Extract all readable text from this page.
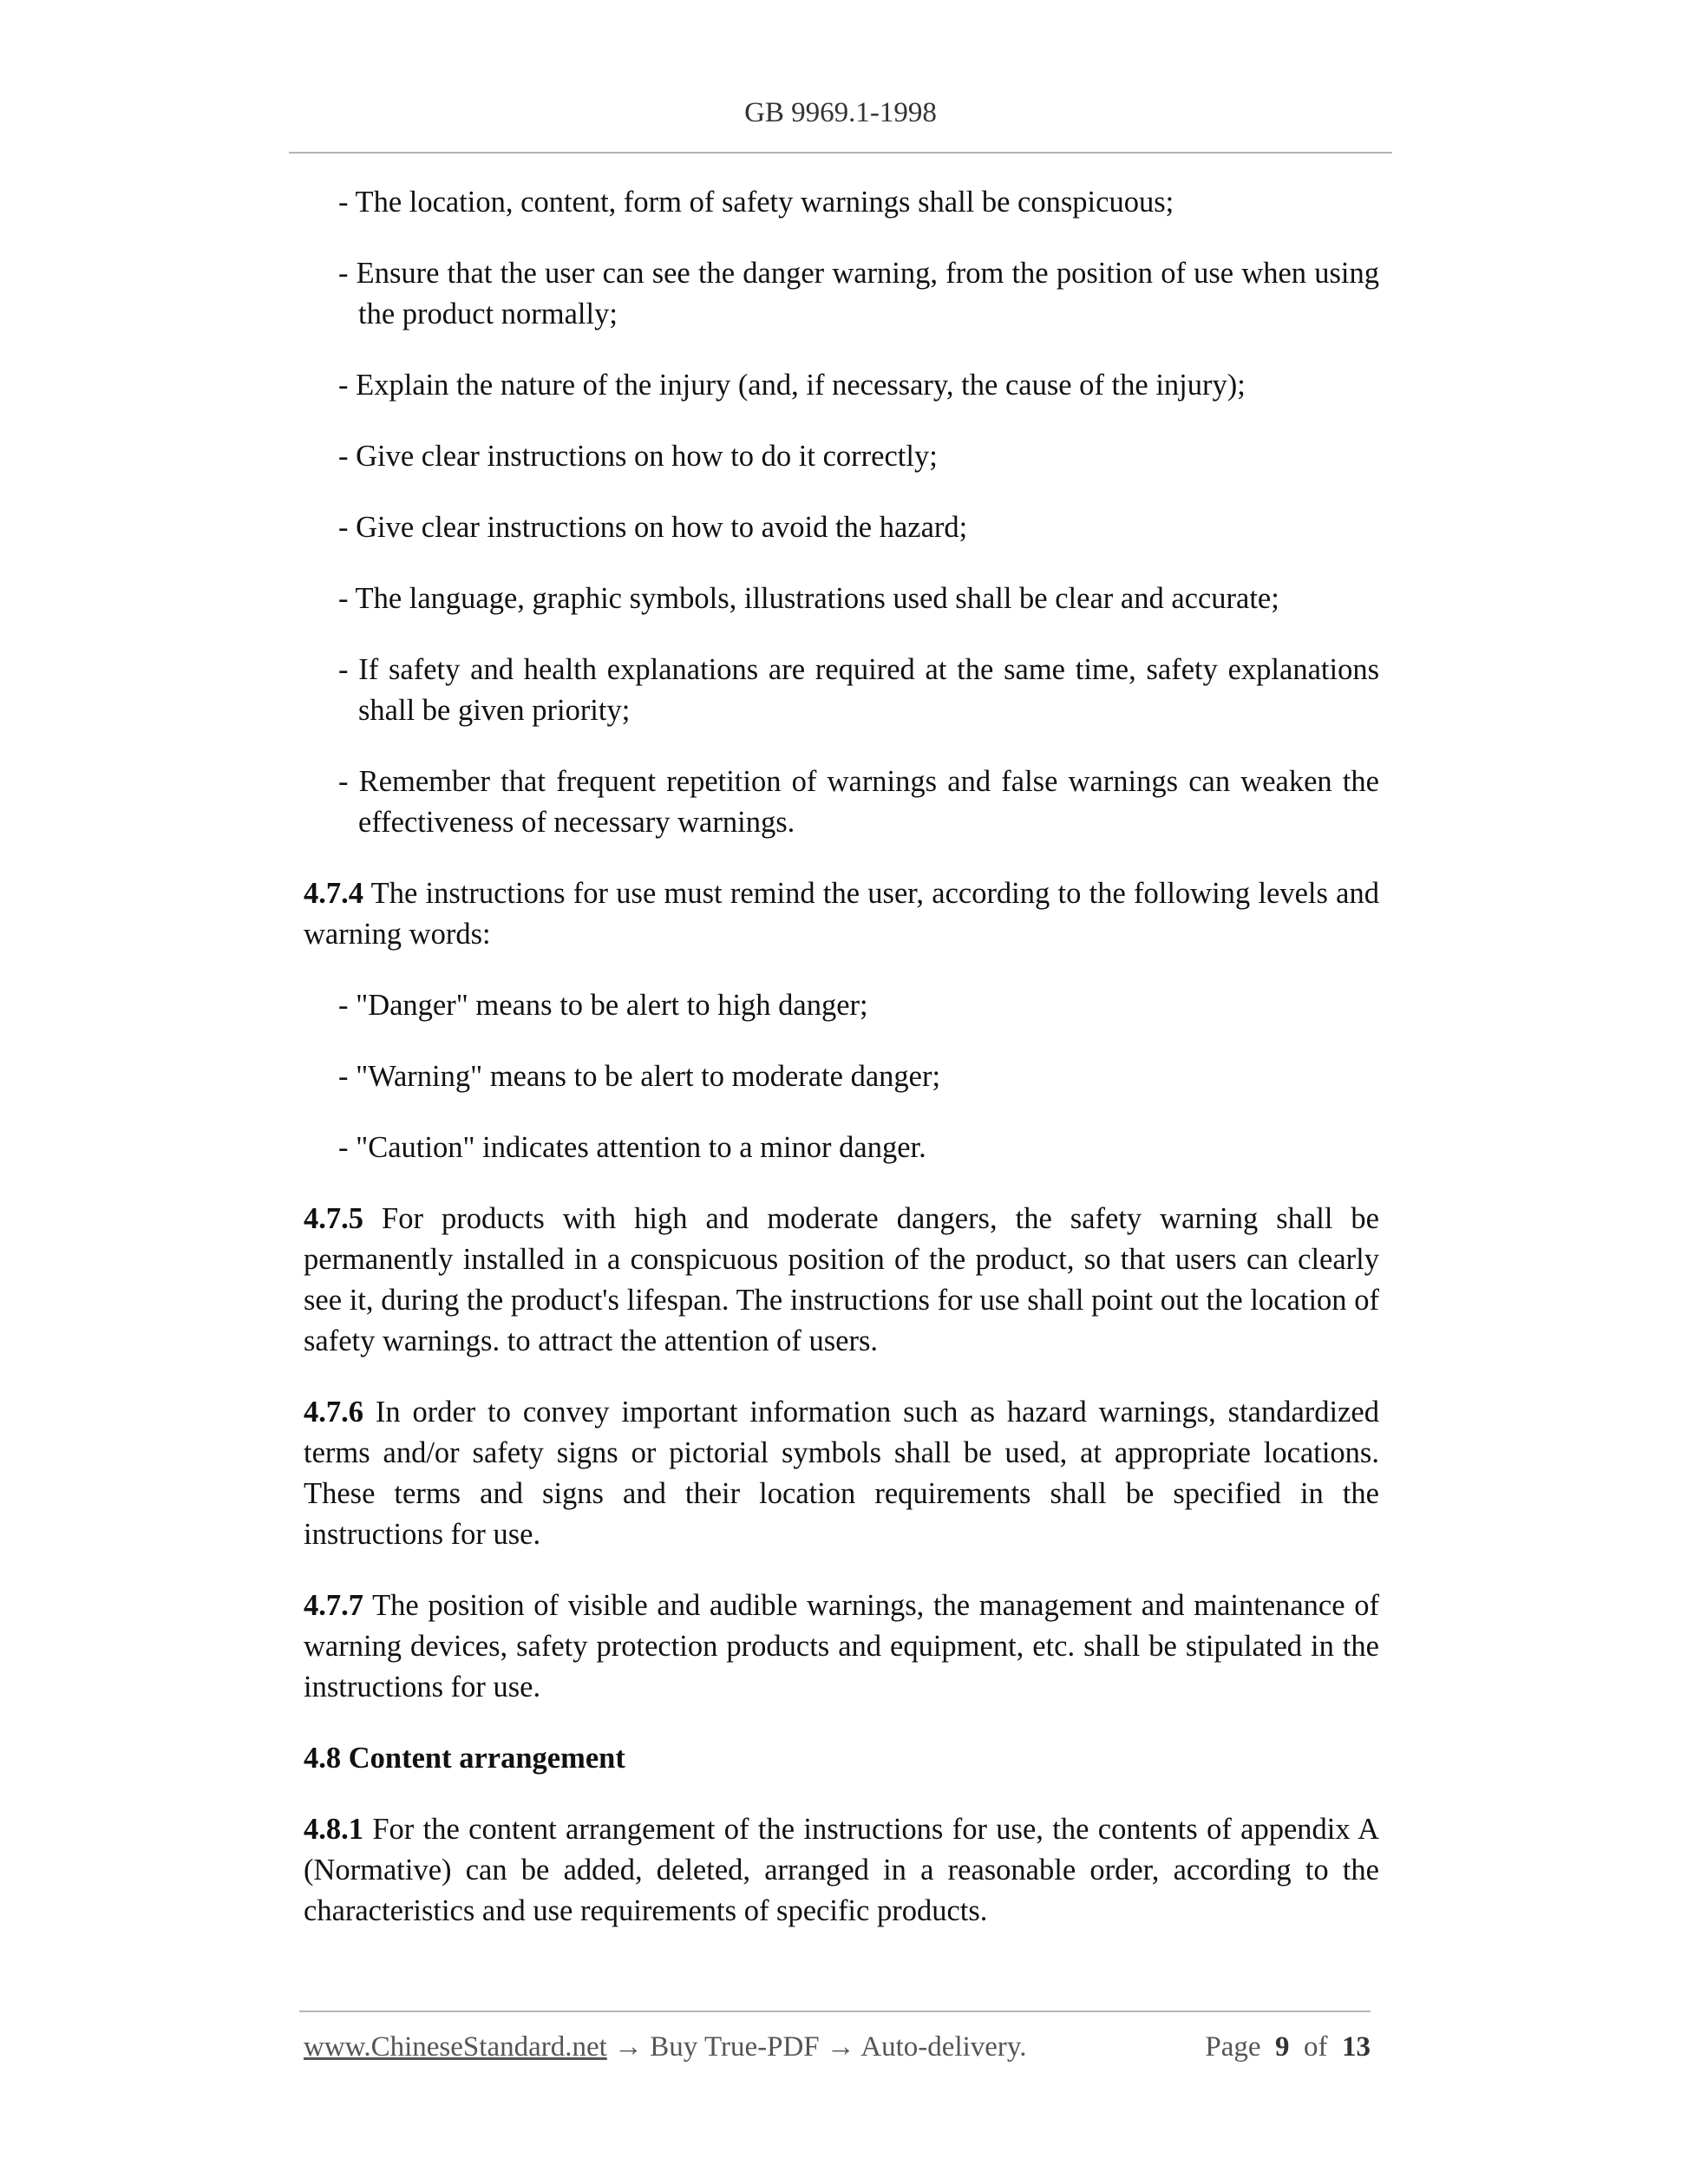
GB 9969.1-1998

- The location, content, form of safety warnings shall be conspicuous;

- Ensure that the user can see the danger warning, from the position of use when using the product normally;

- Explain the nature of the injury (and, if necessary, the cause of the injury);

- Give clear instructions on how to do it correctly;

- Give clear instructions on how to avoid the hazard;

- The language, graphic symbols, illustrations used shall be clear and accurate;

- If safety and health explanations are required at the same time, safety explanations shall be given priority;

- Remember that frequent repetition of warnings and false warnings can weaken the effectiveness of necessary warnings.

4.7.4 The instructions for use must remind the user, according to the following levels and warning words:

- "Danger" means to be alert to high danger;

- "Warning" means to be alert to moderate danger;

- "Caution" indicates attention to a minor danger.

4.7.5 For products with high and moderate dangers, the safety warning shall be permanently installed in a conspicuous position of the product, so that users can clearly see it, during the product's lifespan. The instructions for use shall point out the location of safety warnings. to attract the attention of users.

4.7.6 In order to convey important information such as hazard warnings, standardized terms and/or safety signs or pictorial symbols shall be used, at appropriate locations. These terms and signs and their location requirements shall be specified in the instructions for use.

4.7.7 The position of visible and audible warnings, the management and maintenance of warning devices, safety protection products and equipment, etc. shall be stipulated in the instructions for use.

4.8 Content arrangement

4.8.1 For the content arrangement of the instructions for use, the contents of appendix A (Normative) can be added, deleted, arranged in a reasonable order, according to the characteristics and use requirements of specific products.

www.ChineseStandard.net → Buy True-PDF → Auto-delivery.	Page 9 of 13
